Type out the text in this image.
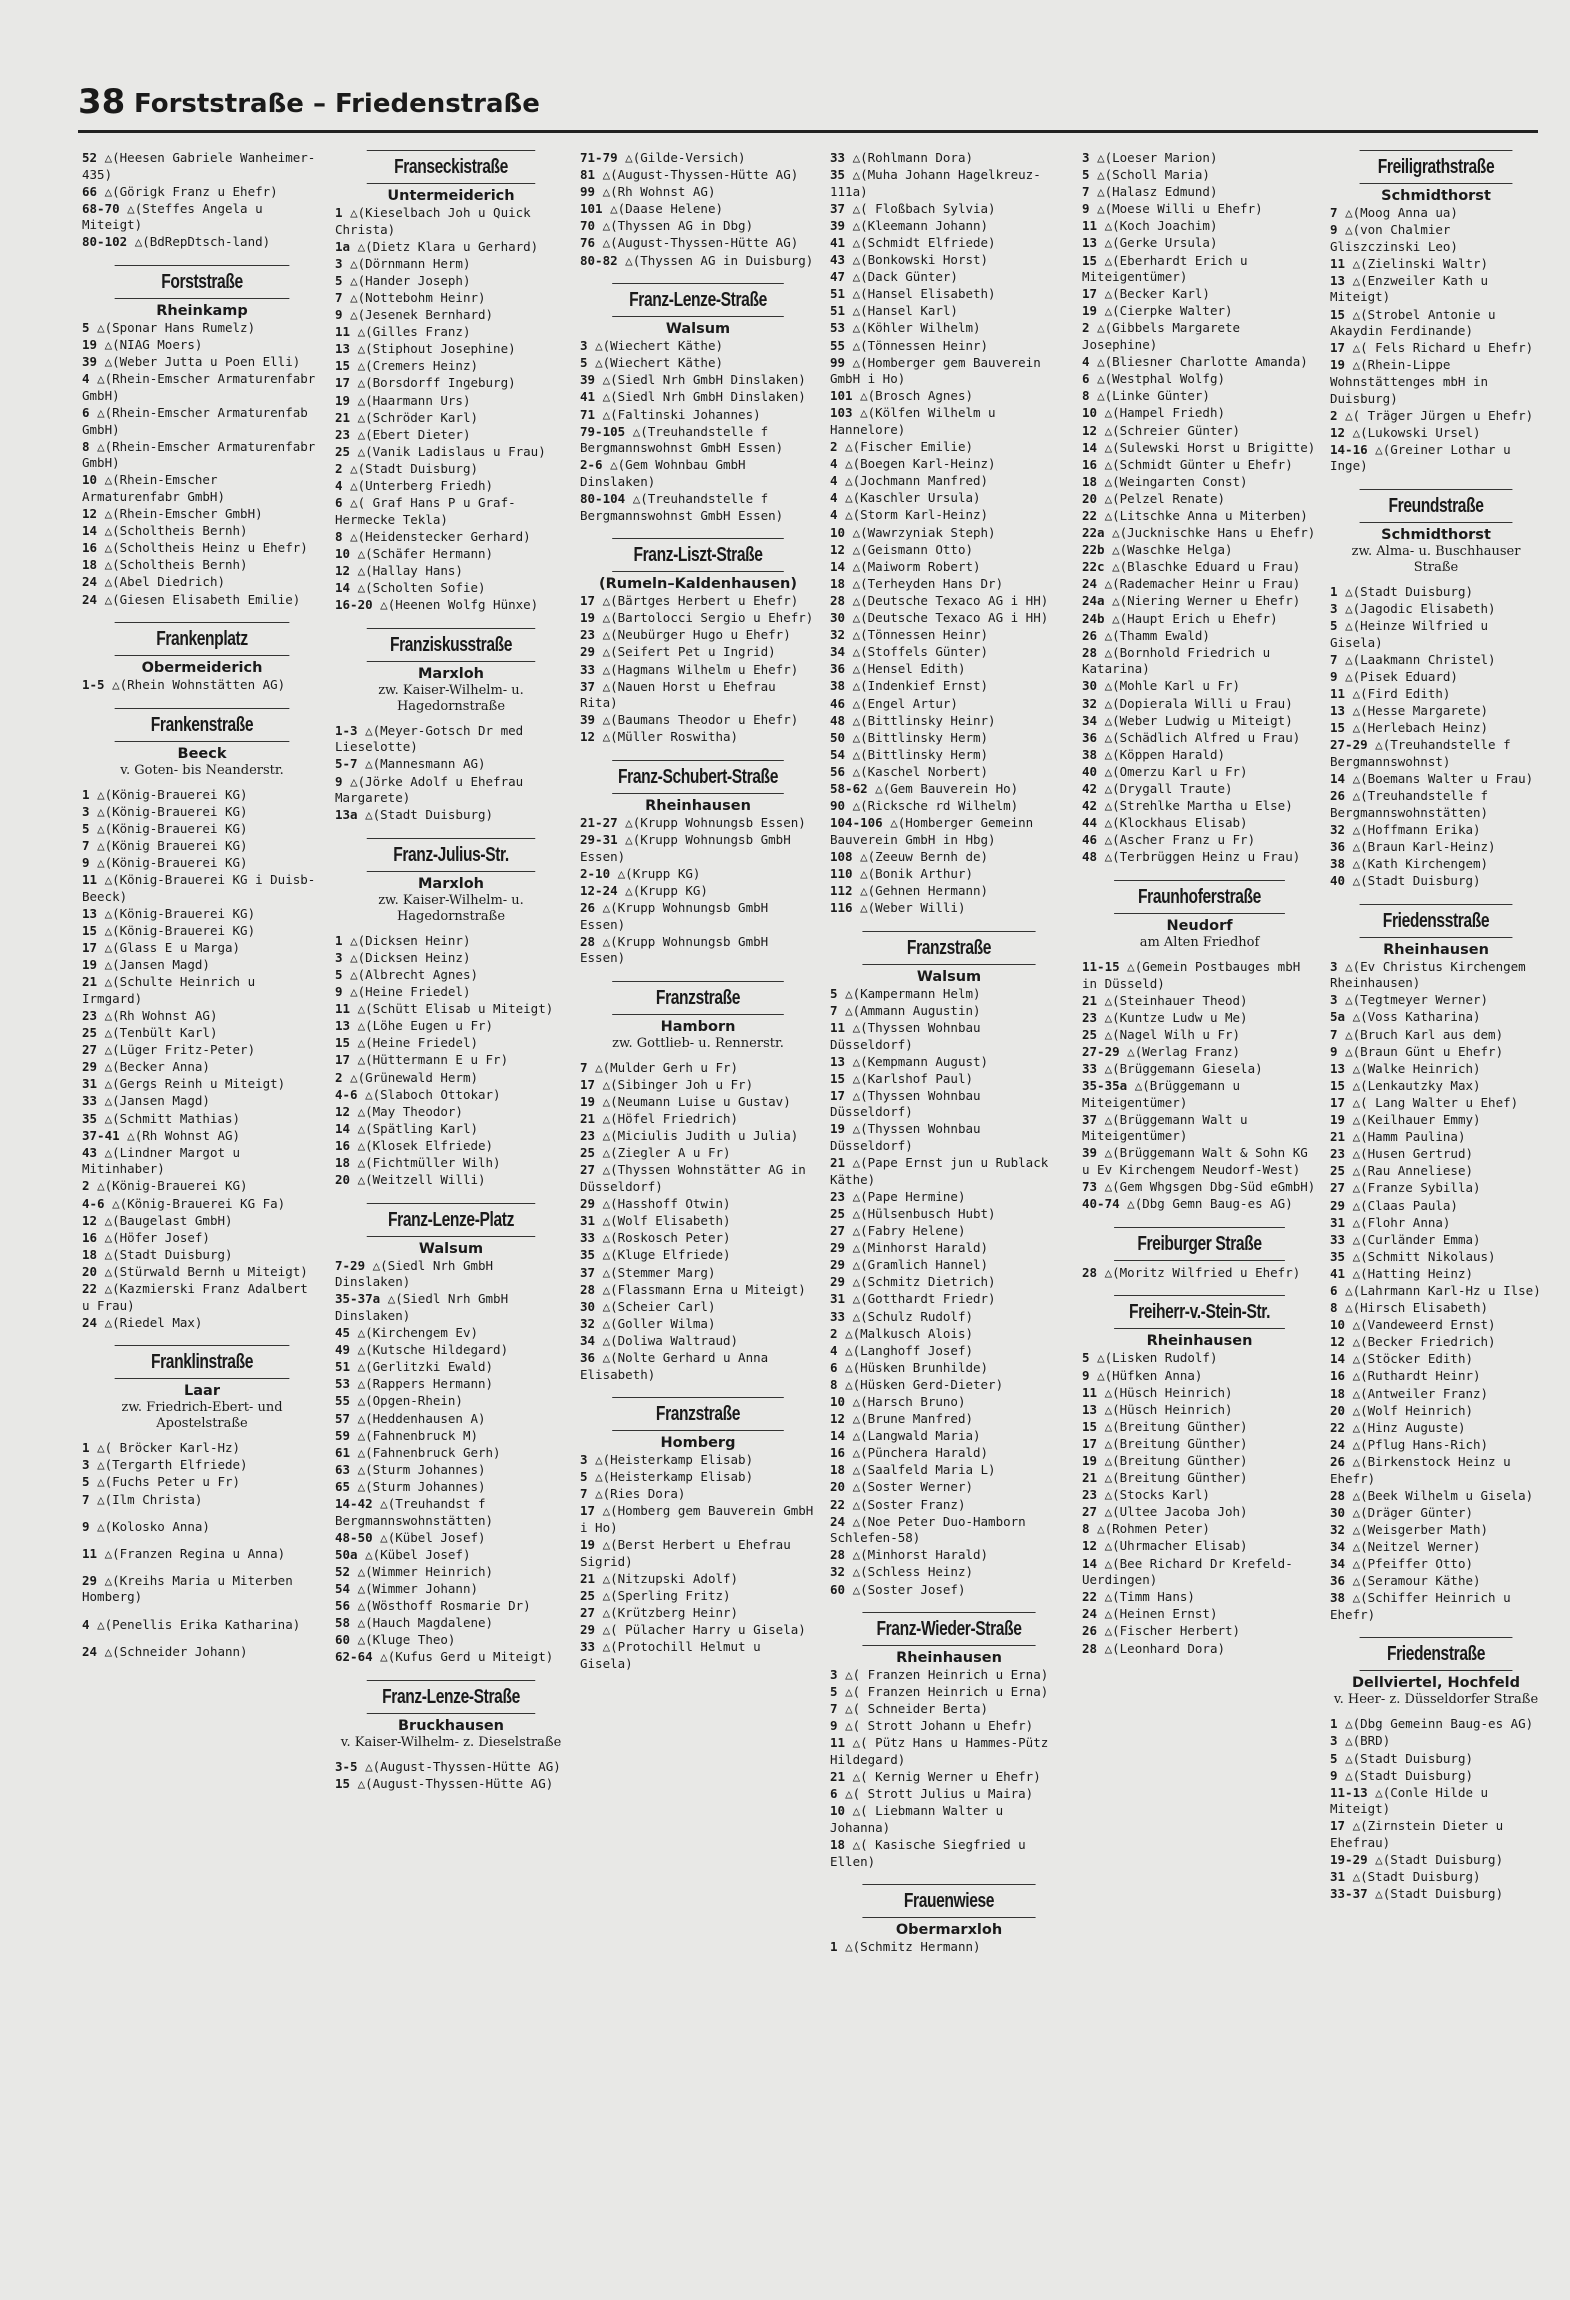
38 Forststraße – Friedenstraße
52 △(Heesen Gabriele Wanheimer-435)
66 △(Görigk Franz u Ehefr)
68-70 △(Steffes Angela u Miteigt)
80-102 △(BdRepDtsch-land)
Forststraße
Rheinkamp
5 △(Sponar Hans Rumelz)
19 △(NIAG Moers)
39 △(Weber Jutta u Poen Elli)
4 △(Rhein-Emscher Armaturenfabr GmbH)
6 △(Rhein-Emscher Armaturenfab GmbH)
8 △(Rhein-Emscher Armaturenfabr GmbH)
10 △(Rhein-Emscher Armaturenfabr GmbH)
12 △(Rhein-Emscher GmbH)
14 △(Scholtheis Bernh)
16 △(Scholtheis Heinz u Ehefr)
18 △(Scholtheis Bernh)
24 △(Abel Diedrich)
24 △(Giesen Elisabeth Emilie)
Frankenplatz
Obermeiderich
1-5 △(Rhein Wohnstätten AG)
Frankenstraße
Beeck
v. Goten- bis Neanderstr.
1 △(König-Brauerei KG)
3 △(König-Brauerei KG)
5 △(König-Brauerei KG)
7 △(König Brauerei KG)
9 △(König-Brauerei KG)
11 △(König-Brauerei KG i Duisb-Beeck)
13 △(König-Brauerei KG)
15 △(König-Brauerei KG)
17 △(Glass E u Marga)
19 △(Jansen Magd)
21 △(Schulte Heinrich u Irmgard)
23 △(Rh Wohnst AG)
25 △(Tenbült Karl)
27 △(Lüger Fritz-Peter)
29 △(Becker Anna)
31 △(Gergs Reinh u Miteigt)
33 △(Jansen Magd)
35 △(Schmitt Mathias)
37-41 △(Rh Wohnst AG)
43 △(Lindner Margot u Mitinhaber)
2 △(König-Brauerei KG)
4-6 △(König-Brauerei KG Fa)
12 △(Baugelast GmbH)
16 △(Höfer Josef)
18 △(Stadt Duisburg)
20 △(Stürwald Bernh u Miteigt)
22 △(Kazmierski Franz Adalbert u Frau)
24 △(Riedel Max)
Franklinstraße
Laar
zw. Friedrich-Ebert- und Apostelstraße
1 △( Bröcker Karl-Hz)
3 △(Tergarth Elfriede)
5 △(Fuchs Peter u Fr)
7 △(Ilm Christa)
9 △(Kolosko Anna)
11 △(Franzen Regina u Anna)
29 △(Kreihs Maria u Miterben Homberg)
4 △(Penellis Erika Katharina)
24 △(Schneider Johann)
Franseckistraße
Untermeiderich
1 △(Kieselbach Joh u Quick Christa)
1a △(Dietz Klara u Gerhard)
3 △(Dörnmann Herm)
5 △(Hander Joseph)
7 △(Nottebohm Heinr)
9 △(Jesenek Bernhard)
11 △(Gilles Franz)
13 △(Stiphout Josephine)
15 △(Cremers Heinz)
17 △(Borsdorff Ingeburg)
19 △(Haarmann Urs)
21 △(Schröder Karl)
23 △(Ebert Dieter)
25 △(Vanik Ladislaus u Frau)
2 △(Stadt Duisburg)
4 △(Unterberg Friedh)
6 △( Graf Hans P u Graf-Hermecke Tekla)
8 △(Heidenstecker Gerhard)
10 △(Schäfer Hermann)
12 △(Hallay Hans)
14 △(Scholten Sofie)
16-20 △(Heenen Wolfg Hünxe)
Franziskusstraße
Marxloh
zw. Kaiser-Wilhelm- u. Hagedornstraße
1-3 △(Meyer-Gotsch Dr med Lieselotte)
5-7 △(Mannesmann AG)
9 △(Jörke Adolf u Ehefrau Margarete)
13a △(Stadt Duisburg)
Franz-Julius-Str.
Marxloh
zw. Kaiser-Wilhelm- u. Hagedornstraße
1 △(Dicksen Heinr)
3 △(Dicksen Heinz)
5 △(Albrecht Agnes)
9 △(Heine Friedel)
11 △(Schütt Elisab u Miteigt)
13 △(Löhe Eugen u Fr)
15 △(Heine Friedel)
17 △(Hüttermann E u Fr)
2 △(Grünewald Herm)
4-6 △(Slaboch Ottokar)
12 △(May Theodor)
14 △(Spätling Karl)
16 △(Klosek Elfriede)
18 △(Fichtmüller Wilh)
20 △(Weitzell Willi)
Franz-Lenze-Platz
Walsum
7-29 △(Siedl Nrh GmbH Dinslaken)
35-37a △(Siedl Nrh GmbH Dinslaken)
45 △(Kirchengem Ev)
49 △(Kutsche Hildegard)
51 △(Gerlitzki Ewald)
53 △(Rappers Hermann)
55 △(Opgen-Rhein)
57 △(Heddenhausen A)
59 △(Fahnenbruck M)
61 △(Fahnenbruck Gerh)
63 △(Sturm Johannes)
65 △(Sturm Johannes)
14-42 △(Treuhandst f Bergmannswohnstätten)
48-50 △(Kübel Josef)
50a △(Kübel Josef)
52 △(Wimmer Heinrich)
54 △(Wimmer Johann)
56 △(Wösthoff Rosmarie Dr)
58 △(Hauch Magdalene)
60 △(Kluge Theo)
62-64 △(Kufus Gerd u Miteigt)
Franz-Lenze-Straße
Bruckhausen
v. Kaiser-Wilhelm- z. Dieselstraße
3-5 △(August-Thyssen-Hütte AG)
15 △(August-Thyssen-Hütte AG)
71-79 △(Gilde-Versich)
81 △(August-Thyssen-Hütte AG)
99 △(Rh Wohnst AG)
101 △(Daase Helene)
70 △(Thyssen AG in Dbg)
76 △(August-Thyssen-Hütte AG)
80-82 △(Thyssen AG in Duisburg)
Franz-Lenze-Straße
Walsum
3 △(Wiechert Käthe)
5 △(Wiechert Käthe)
39 △(Siedl Nrh GmbH Dinslaken)
41 △(Siedl Nrh GmbH Dinslaken)
71 △(Faltinski Johannes)
79-105 △(Treuhandstelle f Bergmannswohnst GmbH Essen)
2-6 △(Gem Wohnbau GmbH Dinslaken)
80-104 △(Treuhandstelle f Bergmannswohnst GmbH Essen)
Franz-Liszt-Straße
(Rumeln–Kaldenhausen)
17 △(Bärtges Herbert u Ehefr)
19 △(Bartolocci Sergio u Ehefr)
23 △(Neubürger Hugo u Ehefr)
29 △(Seifert Pet u Ingrid)
33 △(Hagmans Wilhelm u Ehefr)
37 △(Nauen Horst u Ehefrau Rita)
39 △(Baumans Theodor u Ehefr)
12 △(Müller Roswitha)
Franz-Schubert-Straße
Rheinhausen
21-27 △(Krupp Wohnungsb Essen)
29-31 △(Krupp Wohnungsb GmbH Essen)
2-10 △(Krupp KG)
12-24 △(Krupp KG)
26 △(Krupp Wohnungsb GmbH Essen)
28 △(Krupp Wohnungsb GmbH Essen)
Franzstraße
Hamborn
zw. Gottlieb- u. Rennerstr.
7 △(Mulder Gerh u Fr)
17 △(Sibinger Joh u Fr)
19 △(Neumann Luise u Gustav)
21 △(Höfel Friedrich)
23 △(Miciulis Judith u Julia)
25 △(Ziegler A u Fr)
27 △(Thyssen Wohnstätter AG in Düsseldorf)
29 △(Hasshoff Otwin)
31 △(Wolf Elisabeth)
33 △(Roskosch Peter)
35 △(Kluge Elfriede)
37 △(Stemmer Marg)
28 △(Flassmann Erna u Miteigt)
30 △(Scheier Carl)
32 △(Goller Wilma)
34 △(Doliwa Waltraud)
36 △(Nolte Gerhard u Anna Elisabeth)
Franzstraße
Homberg
3 △(Heisterkamp Elisab)
5 △(Heisterkamp Elisab)
7 △(Ries Dora)
17 △(Homberg gem Bauverein GmbH i Ho)
19 △(Berst Herbert u Ehefrau Sigrid)
21 △(Nitzupski Adolf)
25 △(Sperling Fritz)
27 △(Krützberg Heinr)
29 △( Pülacher Harry u Gisela)
33 △(Protochill Helmut u Gisela)
33 △(Rohlmann Dora)
35 △(Muha Johann Hagelkreuz-111a)
37 △( Floßbach Sylvia)
39 △(Kleemann Johann)
41 △(Schmidt Elfriede)
43 △(Bonkowski Horst)
47 △(Dack Günter)
51 △(Hansel Elisabeth)
51 △(Hansel Karl)
53 △(Köhler Wilhelm)
55 △(Tönnessen Heinr)
99 △(Homberger gem Bauverein GmbH i Ho)
101 △(Brosch Agnes)
103 △(Kölfen Wilhelm u Hannelore)
2 △(Fischer Emilie)
4 △(Boegen Karl-Heinz)
4 △(Jochmann Manfred)
4 △(Kaschler Ursula)
4 △(Storm Karl-Heinz)
10 △(Wawrzyniak Steph)
12 △(Geismann Otto)
14 △(Maiworm Robert)
18 △(Terheyden Hans Dr)
28 △(Deutsche Texaco AG i HH)
30 △(Deutsche Texaco AG i HH)
32 △(Tönnessen Heinr)
34 △(Stoffels Günter)
36 △(Hensel Edith)
38 △(Indenkief Ernst)
46 △(Engel Artur)
48 △(Bittlinsky Heinr)
50 △(Bittlinsky Herm)
54 △(Bittlinsky Herm)
56 △(Kaschel Norbert)
58-62 △(Gem Bauverein Ho)
90 △(Ricksche rd Wilhelm)
104-106 △(Homberger Gemeinn Bauverein GmbH in Hbg)
108 △(Zeeuw Bernh de)
110 △(Bonik Arthur)
112 △(Gehnen Hermann)
116 △(Weber Willi)
Franzstraße
Walsum
5 △(Kampermann Helm)
7 △(Ammann Augustin)
11 △(Thyssen Wohnbau Düsseldorf)
13 △(Kempmann August)
15 △(Karlshof Paul)
17 △(Thyssen Wohnbau Düsseldorf)
19 △(Thyssen Wohnbau Düsseldorf)
21 △(Pape Ernst jun u Rublack Käthe)
23 △(Pape Hermine)
25 △(Hülsenbusch Hubt)
27 △(Fabry Helene)
29 △(Minhorst Harald)
29 △(Gramlich Hannel)
29 △(Schmitz Dietrich)
31 △(Gotthardt Friedr)
33 △(Schulz Rudolf)
2 △(Malkusch Alois)
4 △(Langhoff Josef)
6 △(Hüsken Brunhilde)
8 △(Hüsken Gerd-Dieter)
10 △(Harsch Bruno)
12 △(Brune Manfred)
14 △(Langwald Maria)
16 △(Pünchera Harald)
18 △(Saalfeld Maria L)
20 △(Soster Werner)
22 △(Soster Franz)
24 △(Noe Peter Duo-Hamborn Schlefen-58)
28 △(Minhorst Harald)
32 △(Schless Heinz)
60 △(Soster Josef)
Franz-Wieder-Straße
Rheinhausen
3 △( Franzen Heinrich u Erna)
5 △( Franzen Heinrich u Erna)
7 △( Schneider Berta)
9 △( Strott Johann u Ehefr)
11 △( Pütz Hans u Hammes-Pütz Hildegard)
21 △( Kernig Werner u Ehefr)
6 △( Strott Julius u Maira)
10 △( Liebmann Walter u Johanna)
18 △( Kasische Siegfried u Ellen)
Frauenwiese
Obermarxloh
1 △(Schmitz Hermann)
3 △(Loeser Marion)
5 △(Scholl Maria)
7 △(Halasz Edmund)
9 △(Moese Willi u Ehefr)
11 △(Koch Joachim)
13 △(Gerke Ursula)
15 △(Eberhardt Erich u Miteigentümer)
17 △(Becker Karl)
19 △(Cierpke Walter)
2 △(Gibbels Margarete Josephine)
4 △(Bliesner Charlotte Amanda)
6 △(Westphal Wolfg)
8 △(Linke Günter)
10 △(Hampel Friedh)
12 △(Schreier Günter)
14 △(Sulewski Horst u Brigitte)
16 △(Schmidt Günter u Ehefr)
18 △(Weingarten Const)
20 △(Pelzel Renate)
22 △(Litschke Anna u Miterben)
22a △(Jucknischke Hans u Ehefr)
22b △(Waschke Helga)
22c △(Blaschke Eduard u Frau)
24 △(Rademacher Heinr u Frau)
24a △(Niering Werner u Ehefr)
24b △(Haupt Erich u Ehefr)
26 △(Thamm Ewald)
28 △(Bornhold Friedrich u Katarina)
30 △(Mohle Karl u Fr)
32 △(Dopierala Willi u Frau)
34 △(Weber Ludwig u Miteigt)
36 △(Schädlich Alfred u Frau)
38 △(Köppen Harald)
40 △(Omerzu Karl u Fr)
42 △(Drygall Traute)
42 △(Strehlke Martha u Else)
44 △(Klockhaus Elisab)
46 △(Ascher Franz u Fr)
48 △(Terbrüggen Heinz u Frau)
Fraunhoferstraße
Neudorf
am Alten Friedhof
11-15 △(Gemein Postbauges mbH in Düsseld)
21 △(Steinhauer Theod)
23 △(Kuntze Ludw u Me)
25 △(Nagel Wilh u Fr)
27-29 △(Werlag Franz)
33 △(Brüggemann Giesela)
35-35a △(Brüggemann u Miteigentümer)
37 △(Brüggemann Walt u Miteigentümer)
39 △(Brüggemann Walt & Sohn KG u Ev Kirchengem Neudorf-West)
73 △(Gem Whgsgen Dbg-Süd eGmbH)
40-74 △(Dbg Gemn Baug-es AG)
Freiburger Straße
28 △(Moritz Wilfried u Ehefr)
Freiherr-v.-Stein-Str.
Rheinhausen
5 △(Lisken Rudolf)
9 △(Hüfken Anna)
11 △(Hüsch Heinrich)
13 △(Hüsch Heinrich)
15 △(Breitung Günther)
17 △(Breitung Günther)
19 △(Breitung Günther)
21 △(Breitung Günther)
23 △(Stocks Karl)
27 △(Ultee Jacoba Joh)
8 △(Rohmen Peter)
12 △(Uhrmacher Elisab)
14 △(Bee Richard Dr Krefeld-Uerdingen)
22 △(Timm Hans)
24 △(Heinen Ernst)
26 △(Fischer Herbert)
28 △(Leonhard Dora)
Freiligrathstraße
Schmidthorst
7 △(Moog Anna ua)
9 △(von Chalmier Gliszczinski Leo)
11 △(Zielinski Waltr)
13 △(Enzweiler Kath u Miteigt)
15 △(Strobel Antonie u Akaydin Ferdinande)
17 △( Fels Richard u Ehefr)
19 △(Rhein-Lippe Wohnstättenges mbH in Duisburg)
2 △( Träger Jürgen u Ehefr)
12 △(Lukowski Ursel)
14-16 △(Greiner Lothar u Inge)
Freundstraße
Schmidthorst
zw. Alma- u. Buschhauser Straße
1 △(Stadt Duisburg)
3 △(Jagodic Elisabeth)
5 △(Heinze Wilfried u Gisela)
7 △(Laakmann Christel)
9 △(Pisek Eduard)
11 △(Fird Edith)
13 △(Hesse Margarete)
15 △(Herlebach Heinz)
27-29 △(Treuhandstelle f Bergmannswohnst)
14 △(Boemans Walter u Frau)
26 △(Treuhandstelle f Bergmannswohnstätten)
32 △(Hoffmann Erika)
36 △(Braun Karl-Heinz)
38 △(Kath Kirchengem)
40 △(Stadt Duisburg)
Friedensstraße
Rheinhausen
3 △(Ev Christus Kirchengem Rheinhausen)
3 △(Tegtmeyer Werner)
5a △(Voss Katharina)
7 △(Bruch Karl aus dem)
9 △(Braun Günt u Ehefr)
13 △(Walke Heinrich)
15 △(Lenkautzky Max)
17 △( Lang Walter u Ehef)
19 △(Keilhauer Emmy)
21 △(Hamm Paulina)
23 △(Husen Gertrud)
25 △(Rau Anneliese)
27 △(Franze Sybilla)
29 △(Claas Paula)
31 △(Flohr Anna)
33 △(Curländer Emma)
35 △(Schmitt Nikolaus)
41 △(Hatting Heinz)
6 △(Lahrmann Karl-Hz u Ilse)
8 △(Hirsch Elisabeth)
10 △(Vandeweerd Ernst)
12 △(Becker Friedrich)
14 △(Stöcker Edith)
16 △(Ruthardt Heinr)
18 △(Antweiler Franz)
20 △(Wolf Heinrich)
22 △(Hinz Auguste)
24 △(Pflug Hans-Rich)
26 △(Birkenstock Heinz u Ehefr)
28 △(Beek Wilhelm u Gisela)
30 △(Dräger Günter)
32 △(Weisgerber Math)
34 △(Neitzel Werner)
34 △(Pfeiffer Otto)
36 △(Seramour Käthe)
38 △(Schiffer Heinrich u Ehefr)
Friedenstraße
Dellviertel, Hochfeld
v. Heer- z. Düsseldorfer Straße
1 △(Dbg Gemeinn Baug-es AG)
3 △(BRD)
5 △(Stadt Duisburg)
9 △(Stadt Duisburg)
11-13 △(Conle Hilde u Miteigt)
17 △(Zirnstein Dieter u Ehefrau)
19-29 △(Stadt Duisburg)
31 △(Stadt Duisburg)
33-37 △(Stadt Duisburg)
